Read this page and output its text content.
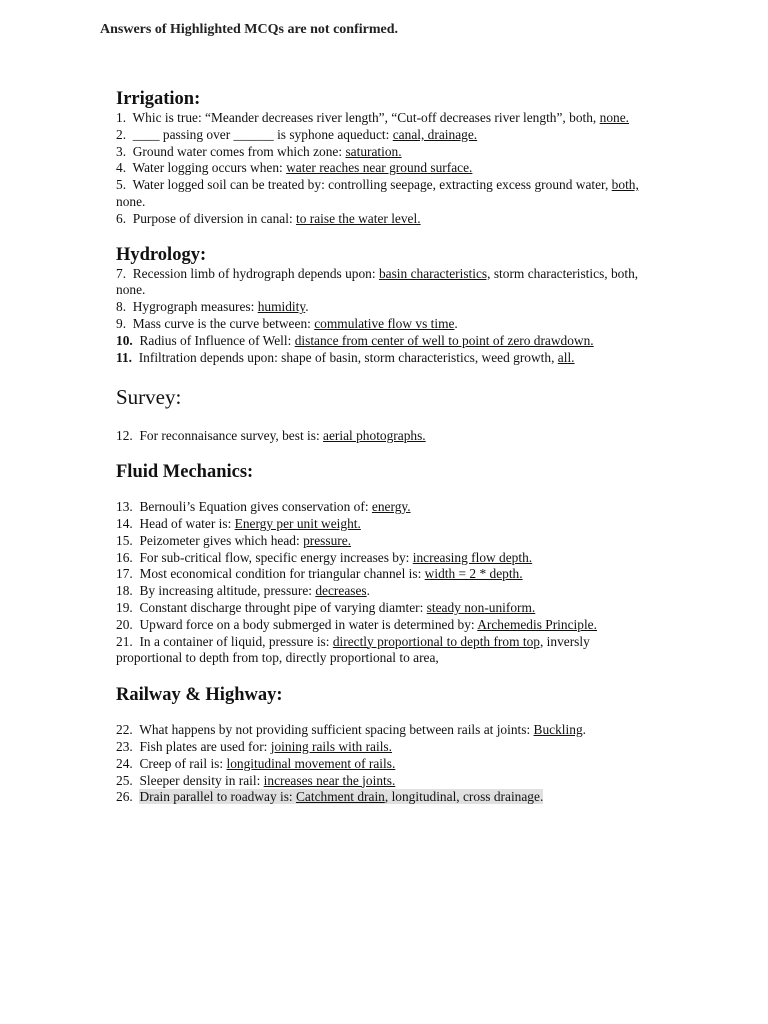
Answers of Highlighted MCQs are not confirmed.
Irrigation:

1. Whic is true: “Meander decreases river length”, “Cut-off decreases river length”, both, none.

2. ____ passing over ______ is syphone aqueduct: canal, drainage.

3. Ground water comes from which zone: saturation.

4. Water logging occurs when: water reaches near ground surface.

5. Water logged soil can be treated by: controlling seepage, extracting excess ground water, both, none.

6. Purpose of diversion in canal: to raise the water level.

Hydrology:

7. Recession limb of hydrograph depends upon: basin characteristics, storm characteristics, both, none.

8. Hygrograph measures: humidity.

9. Mass curve is the curve between: commulative flow vs time.

10. Radius of Influence of Well: distance from center of well to point of zero drawdown.

11. Infiltration depends upon: shape of basin, storm characteristics, weed growth, all.

Survey:

12. For reconnaisance survey, best is: aerial photographs.

Fluid Mechanics:

13. Bernouli’s Equation gives conservation of: energy.

14. Head of water is: Energy per unit weight.

15. Peizometer gives which head: pressure.

16. For sub-critical flow, specific energy increases by: increasing flow depth.

17. Most economical condition for triangular channel is: width = 2 * depth.

18. By increasing altitude, pressure: decreases.

19. Constant discharge throught pipe of varying diamter: steady non-uniform.

20. Upward force on a body submerged in water is determined by: Archemedis Principle.

21. In a container of liquid, pressure is: directly proportional to depth from top, inversly proportional to depth from top, directly proportional to area,

Railway & Highway:

22. What happens by not providing sufficient spacing between rails at joints: Buckling.

23. Fish plates are used for: joining rails with rails.

24. Creep of rail is: longitudinal movement of rails.

25. Sleeper density in rail: increases near the joints.

26. Drain parallel to roadway is: Catchment drain, longitudinal, cross drainage.
